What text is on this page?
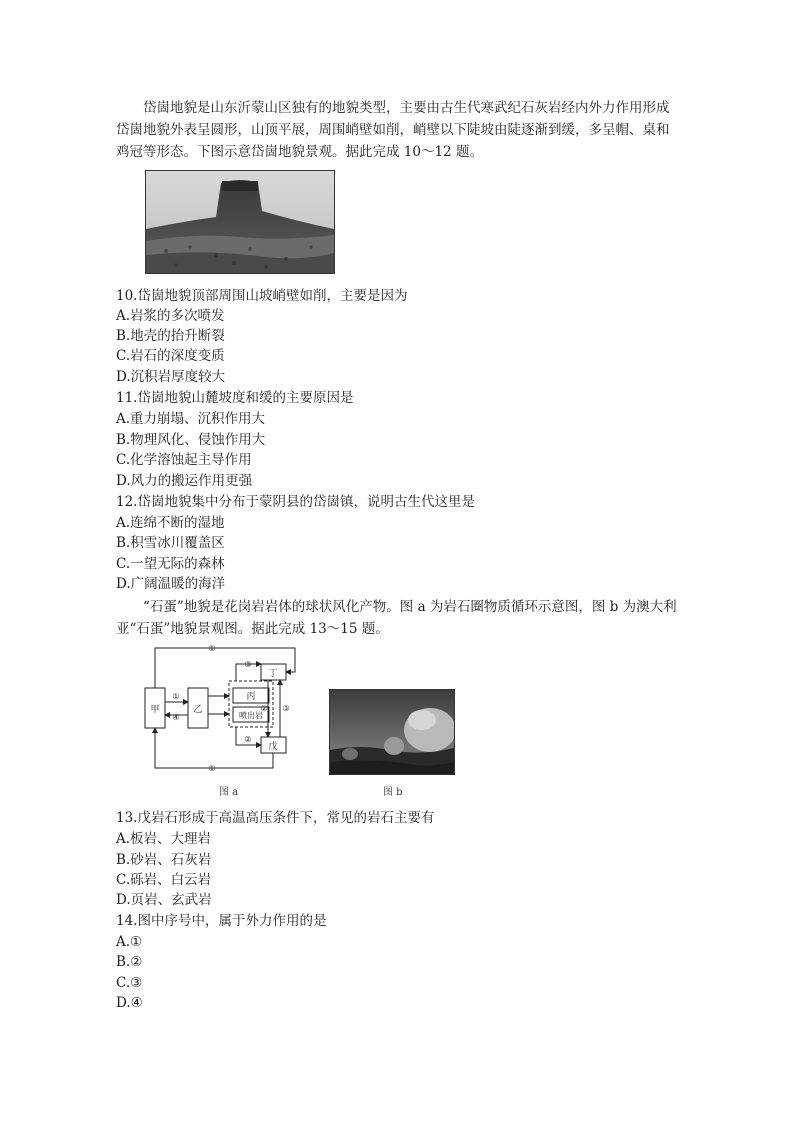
岱崮地貌是山东沂蒙山区独有的地貌类型，主要由古生代寒武纪石灰岩经内外力作用形成岱崮地貌外表呈圆形，山顶平展，周围峭壁如削，峭壁以下陡坡由陡逐渐到缓，多呈帽、桌和鸡冠等形态。下图示意岱崮地貌景观。据此完成 10～12 题。

10.岱崮地貌顶部周围山坡峭壁如削，主要是因为
A.岩浆的多次喷发
B.地壳的抬升断裂
C.岩石的深度变质
D.沉积岩厚度较大
11.岱崮地貌山麓坡度和缓的主要原因是
A.重力崩塌、沉积作用大
B.物理风化、侵蚀作用大
C.化学溶蚀起主导作用
D.风力的搬运作用更强
12.岱崮地貌集中分布于蒙阴县的岱崮镇，说明古生代这里是
A.连绵不断的湿地
B.积雪冰川覆盖区
C.一望无际的森林
D.广阔温暖的海洋

“石蛋”地貌是花岗岩岩体的球状风化产物。图 a 为岩石圈物质循环示意图，图 b 为澳大利亚“石蛋”地貌景观图。据此完成 13～15 题。

甲	乙
丙
喷出岩
丁
戊
①
①
①
④
③
②
② ③
图 a	图 b
13.戊岩石形成于高温高压条件下，常见的岩石主要有
A.板岩、大理岩
B.砂岩、石灰岩
C.砾岩、白云岩
D.页岩、玄武岩
14.图中序号中，属于外力作用的是
A.①
B.②
C.③
D.④
